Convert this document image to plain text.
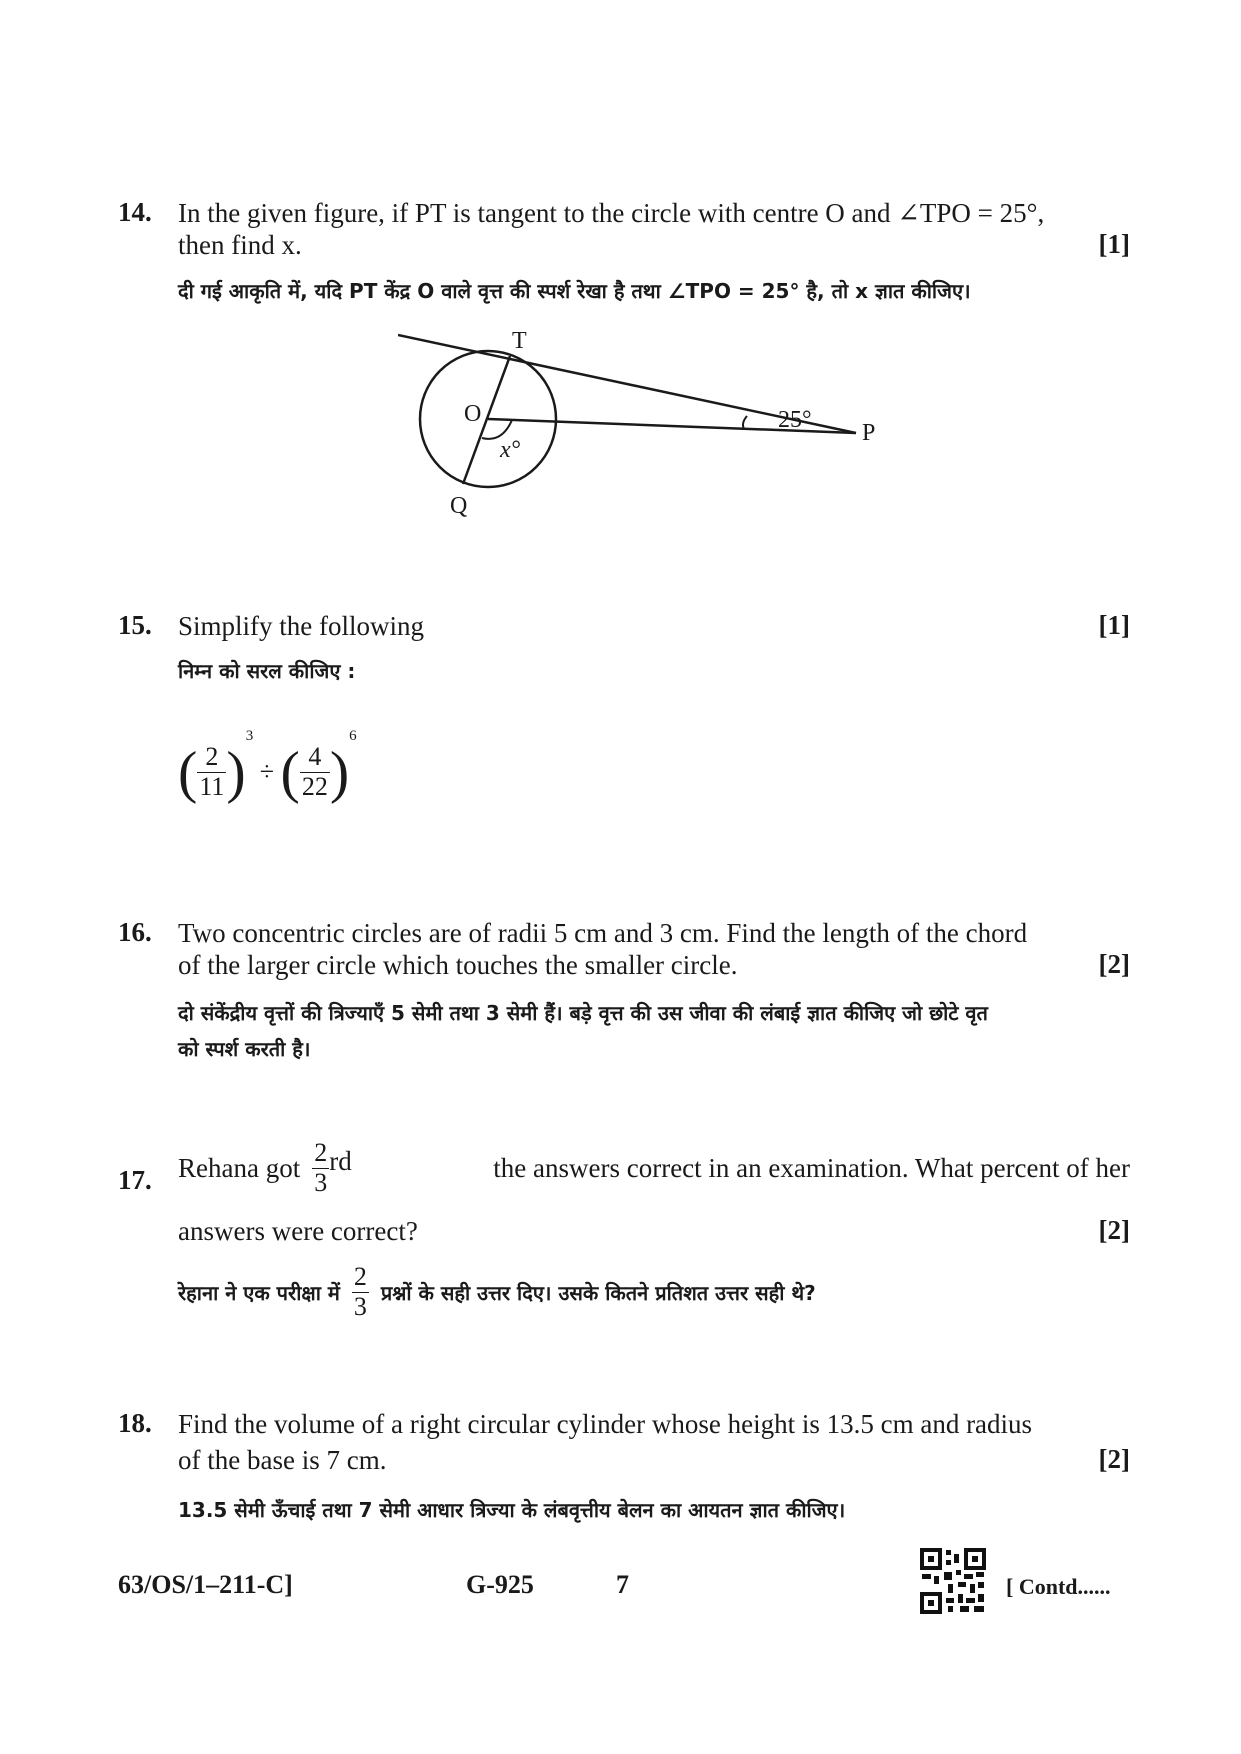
14. In the given figure, if PT is tangent to the circle with centre O and ∠TPO = 25°,
then find x.	[1]
दी गई आकृति में, यदि PT केंद्र O वाले वृत्त की स्पर्श रेखा है तथा ∠TPO = 25° है, तो x ज्ञात कीजिए।
T
O
x°
25° P
Q
15. Simplify the following	[1]
निम्न को सरल कीजिए :
( $\frac{2}{11} )^3$ ÷ ( $\frac{4}{22} )^6$
16. Two concentric circles are of radii 5 cm and 3 cm. Find the length of the chord
of the larger circle which touches the smaller circle.	[2]
दो संकेंद्रीय वृत्तों की त्रिज्याएँ 5 सेमी तथा 3 सेमी हैं। बड़े वृत्त की उस जीवा की लंबाई ज्ञात कीजिए जो छोटे वृत
को स्पर्श करती है।
17. Rehana got $\frac{2}{3}$ rd	the answers correct in an examination. What percent of her
answers were correct?	[2]
रेहाना ने एक परीक्षा में $\frac{2}{3}$ प्रश्नों के सही उत्तर दिए। उसके कितने प्रतिशत उत्तर सही थे?
18. Find the volume of a right circular cylinder whose height is 13.5 cm and radius
of the base is 7 cm.	[2]
13.5 सेमी ऊँचाई तथा 7 सेमी आधार त्रिज्या के लंबवृत्तीय बेलन का आयतन ज्ञात कीजिए।
63/OS/1–211-C]	G-925	7	[ Contd......
